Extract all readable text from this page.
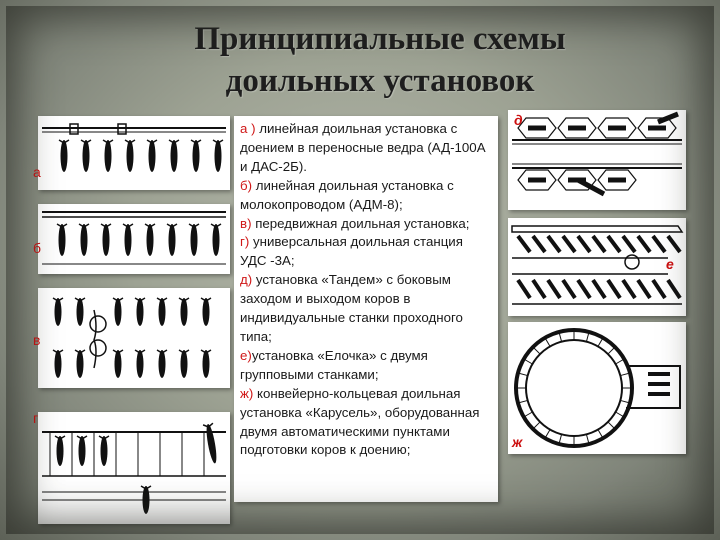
Принципиальные схемы
доильных установок
а
б
в
г

а ) линейная доильная установка с доением в переносные ведра (АД-100А и ДАС-2Б).

б) линейная доильная установка с молокопроводом (АДМ-8);

в) передвижная доильная установка;

г) универсальная доильная станция УДС -3А;

д) установка «Тандем» с боковым заходом и выходом коров в индивидуальные станки проходного типа;

е)установка «Елочка» с двумя групповыми станками;

ж) конвейерно-кольцевая доильная установка «Карусель», оборудованная двумя автоматическими пунктами подготовки коров к доению;

д
е
ж
